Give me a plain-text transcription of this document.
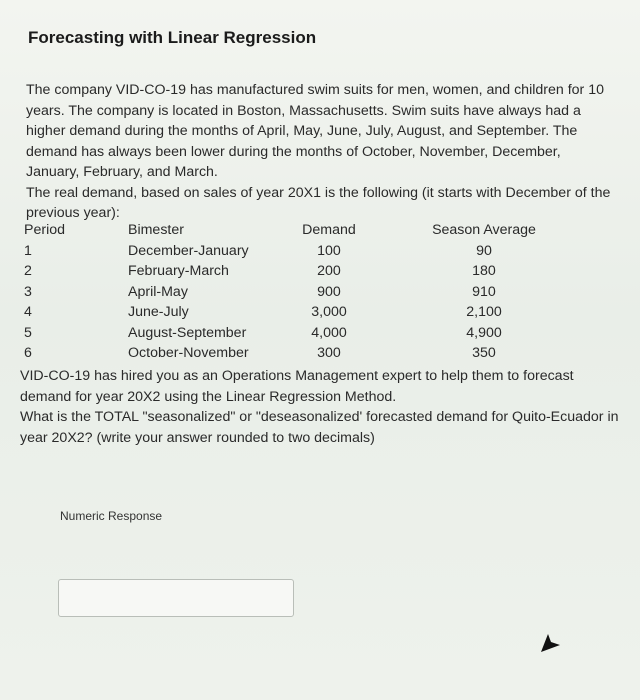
Forecasting with Linear Regression

The company VID-CO-19 has manufactured swim suits for men, women, and children for 10 years. The company is located in Boston, Massachusetts. Swim suits have always had a higher demand during the months of April, May, June, July, August, and September. The demand has always been lower during the months of October, November, December, January, February, and March.

The real demand, based on sales of year 20X1 is the following (it starts with December of the previous year):

Period	Bimester	Demand	Season Average
1	December-January	100	90
2	February-March	200	180
3	April-May	900	910
4	June-July	3,000	2,100
5	August-September	4,000	4,900
6	October-November	300	350

VID-CO-19 has hired you as an Operations Management expert to help them to forecast demand for year 20X2 using the Linear Regression Method.

What is the TOTAL "seasonalized" or "deseasonalized' forecasted demand for Quito-Ecuador in year 20X2? (write your answer rounded to two decimals)

Numeric Response
